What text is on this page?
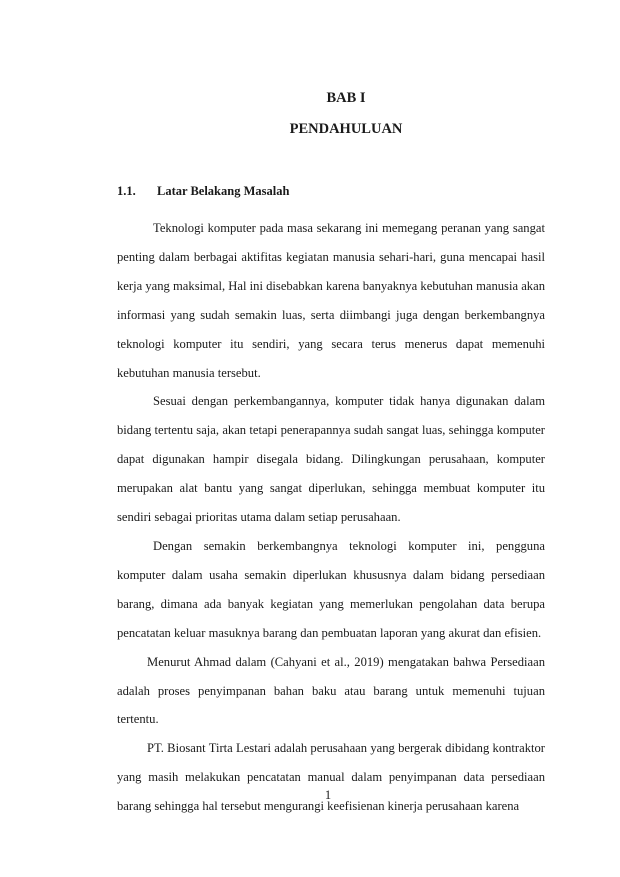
BAB I
PENDAHULUAN
1.1. Latar Belakang Masalah

Teknologi komputer pada masa sekarang ini memegang peranan yang sangat penting dalam berbagai aktifitas kegiatan manusia sehari-hari, guna mencapai hasil kerja yang maksimal, Hal ini disebabkan karena banyaknya kebutuhan manusia akan informasi yang sudah semakin luas, serta diimbangi juga dengan berkembangnya teknologi komputer itu sendiri, yang secara terus menerus dapat memenuhi kebutuhan manusia tersebut.

Sesuai dengan perkembangannya, komputer tidak hanya digunakan dalam bidang tertentu saja, akan tetapi penerapannya sudah sangat luas, sehingga komputer dapat digunakan hampir disegala bidang. Dilingkungan perusahaan, komputer merupakan alat bantu yang sangat diperlukan, sehingga membuat komputer itu sendiri sebagai prioritas utama dalam setiap perusahaan.

Dengan semakin berkembangnya teknologi komputer ini, pengguna komputer dalam usaha semakin diperlukan khususnya dalam bidang persediaan barang, dimana ada banyak kegiatan yang memerlukan pengolahan data berupa pencatatan keluar masuknya barang dan pembuatan laporan yang akurat dan efisien.

Menurut Ahmad dalam (Cahyani et al., 2019) mengatakan bahwa Persediaan adalah proses penyimpanan bahan baku atau barang untuk memenuhi tujuan tertentu.

PT. Biosant Tirta Lestari adalah perusahaan yang bergerak dibidang kontraktor yang masih melakukan pencatatan manual dalam penyimpanan data persediaan barang sehingga hal tersebut mengurangi keefisienan kinerja perusahaan karena

1
